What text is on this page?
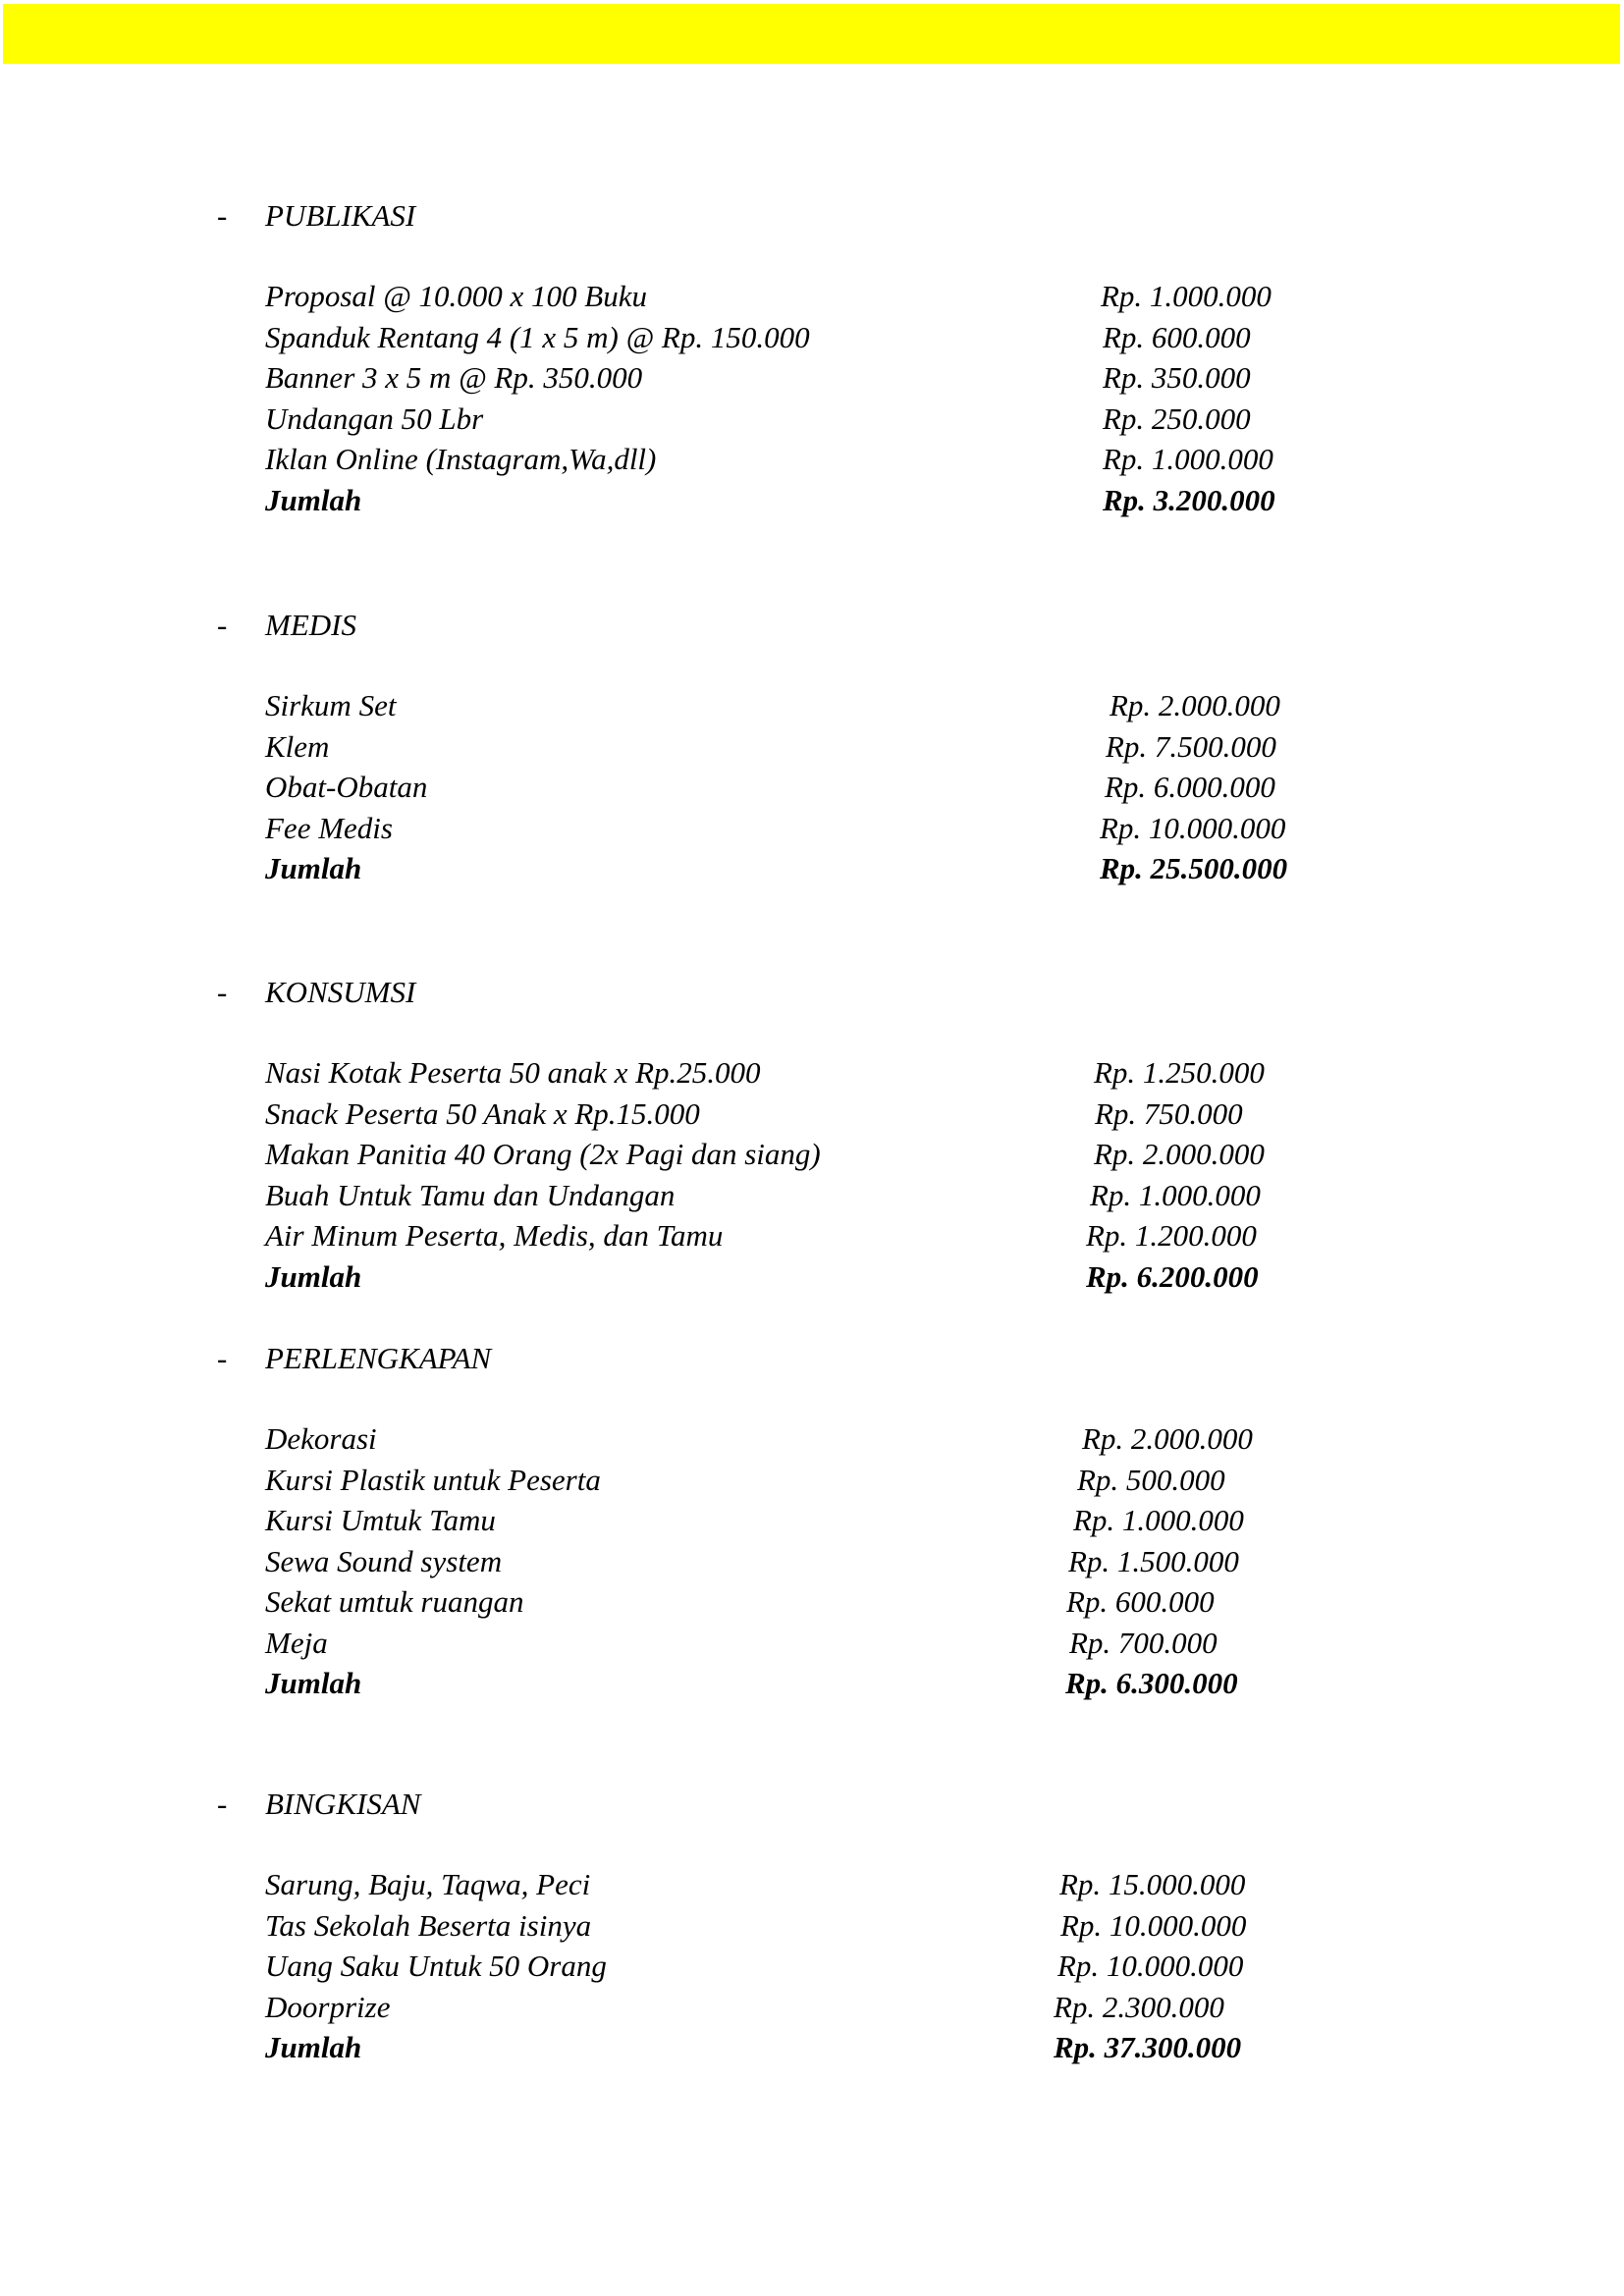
- PUBLIKASI
Proposal @ 10.000 x 100 Buku	Rp. 1.000.000
Spanduk Rentang 4 (1 x 5 m) @ Rp. 150.000	Rp. 600.000
Banner 3 x 5 m @ Rp. 350.000	Rp. 350.000
Undangan 50 Lbr	Rp. 250.000
Iklan Online (Instagram,Wa,dll)	Rp. 1.000.000
Jumlah	Rp. 3.200.000
- MEDIS
Sirkum Set	Rp. 2.000.000
Klem	Rp. 7.500.000
Obat-Obatan	Rp. 6.000.000
Fee Medis	Rp. 10.000.000
Jumlah	Rp. 25.500.000
- KONSUMSI
Nasi Kotak Peserta 50 anak x Rp.25.000	Rp. 1.250.000
Snack Peserta 50 Anak x Rp.15.000	Rp. 750.000
Makan Panitia 40 Orang (2x Pagi dan siang)	Rp. 2.000.000
Buah Untuk Tamu dan Undangan	Rp. 1.000.000
Air Minum Peserta, Medis, dan Tamu	Rp. 1.200.000
Jumlah	Rp. 6.200.000
- PERLENGKAPAN
Dekorasi	Rp. 2.000.000
Kursi Plastik untuk Peserta	Rp. 500.000
Kursi Umtuk Tamu	Rp. 1.000.000
Sewa Sound system	Rp. 1.500.000
Sekat umtuk ruangan	Rp. 600.000
Meja	Rp. 700.000
Jumlah	Rp. 6.300.000
- BINGKISAN
Sarung, Baju, Taqwa, Peci	Rp. 15.000.000
Tas Sekolah Beserta isinya	Rp. 10.000.000
Uang Saku Untuk 50 Orang	Rp. 10.000.000
Doorprize	Rp. 2.300.000
Jumlah	Rp. 37.300.000
